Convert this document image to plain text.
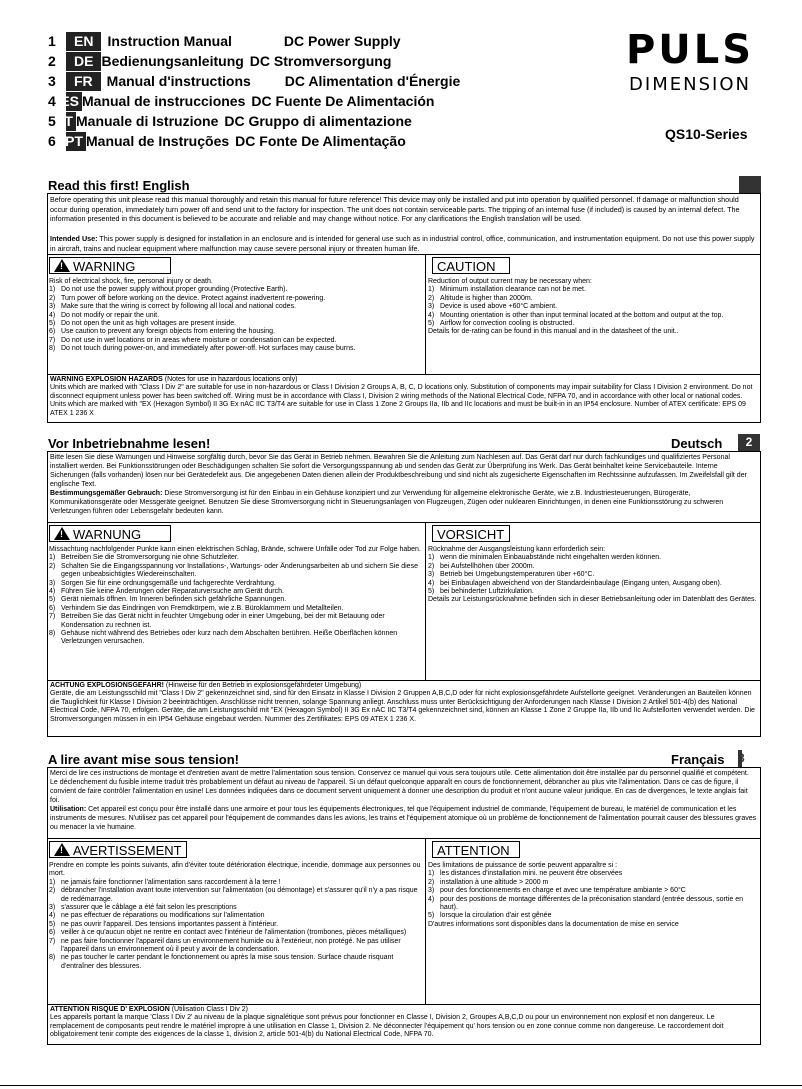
1 EN Instruction Manual	DC Power Supply
2 DE Bedienungsanleitung DC Stromversorgung
3 FR Manual d'instructions DC Alimentation d'Énergie
4 ES Manual de instrucciones DC Fuente De Alimentación
5 IT Manuale di Istruzione DC Gruppo di alimentazione
6 PT Manual de Instruções DC Fonte De Alimentação
PULS
DIMENSION
QS10-Series
Read this first! English
Before operating this unit please read this manual thoroughly and retain this manual for future reference! This device may only be installed and put into operation by qualified personnel. If damage or malfunction should occur during operation, immediately turn power off and send unit to the factory for inspection. The unit does not contain serviceable parts. The tripping of an internal fuse (if included) is caused by an internal defect. The information presented in this document is believed to be accurate and reliable and may change without notice. For any clarifications the English translation will be used.
Intended Use: This power supply is designed for installation in an enclosure and is intended for general use such as in industrial control, office, communication, and instrumentation equipment. Do not use this power supply in aircraft, trains and nuclear equipment where malfunction may cause severe personal injury or threaten human life.
!WARNING	CAUTION
Risk of electrical shock, fire, personal injury or death.
1) Do not use the power supply without proper grounding (Protective Earth).
2) Turn power off before working on the device. Protect against inadvertent re-powering.
3) Make sure that the wiring is correct by following all local and national codes.
4) Do not modify or repair the unit.
5) Do not open the unit as high voltages are present inside.
6) Use caution to prevent any foreign objects from entering the housing.
7) Do not use in wet locations or in areas where moisture or condensation can be expected.
8) Do not touch during power-on, and immediately after power-off. Hot surfaces may cause burns.
Reduction of output current may be necessary when:
1) Minimum installation clearance can not be met.
2) Altitude is higher than 2000m.
3) Device is used above +60°C ambient.
4) Mounting orientation is other than input terminal located at the bottom and output at the top.
5) Airflow for convection cooling is obstructed.
Details for de-rating can be found in this manual and in the datasheet of the unit..
WARNING EXPLOSION HAZARDS (Notes for use in hazardous locations only)
Units which are marked with "Class I Div 2" are suitable for use in non-hazardous or Class I Division 2 Groups A, B, C, D locations only. Substitution of components may impair suitability for Class I Division 2 environment. Do not disconnect equipment unless power has been switched off. Wiring must be in accordance with Class I, Division 2 wiring methods of the National Electrical Code, NFPA 70, and in accordance with other local or national codes. Units which are marked with "EX (Hexagon Symbol) II 3G Ex nAC IIC T3/T4 are suitable for use in Class 1 Zone 2 Groups IIa, IIb and IIc locations and must be built-in in an IP54 enclosure. Number of ATEX certificate: EPS 09 ATEX 1 236 X
Vor Inbetriebnahme lesen!	Deutsch	2
Bitte lesen Sie diese Warnungen und Hinweise sorgfältig durch, bevor Sie das Gerät in Betrieb nehmen. Bewahren Sie die Anleitung zum Nachlesen auf. Das Gerät darf nur durch fachkundiges und qualifiziertes Personal installiert werden. Bei Funktionsstörungen oder Beschädigungen schalten Sie sofort die Versorgungsspannung ab und senden das Gerät zur Überprüfung ins Werk. Das Gerät beinhaltet keine Servicebauteile. Interne Sicherungen (falls vorhanden) lösen nur bei Gerätedefekt aus. Die angegebenen Daten dienen allein der Produktbeschreibung und sind nicht als zugesicherte Eigenschaften im Rechtssinne aufzufassen. Im Zweifelsfall gilt der englische Text.
Bestimmungsgemäßer Gebrauch: Diese Stromversorgung ist für den Einbau in ein Gehäuse konzipiert und zur Verwendung für allgemeine elektronische Geräte, wie z.B. Industriesteuerungen, Bürogeräte, Kommunikationsgeräte oder Messgeräte geeignet. Benutzen Sie diese Stromversorgung nicht in Steuerungsanlagen von Flugzeugen, Zügen oder nuklearen Einrichtungen, in denen eine Funktionsstörung zu schweren Verletzungen führen oder Lebensgefahr bedeuten kann.
!WARNUNG	VORSICHT
Missachtung nachfolgender Punkte kann einen elektrischen Schlag, Brände, schwere Unfälle oder Tod zur Folge haben.
1) Betreiben Sie die Stromversorgung nie ohne Schutzleiter.
2) Schalten Sie die Eingangsspannung vor Installations-, Wartungs- oder Änderungsarbeiten ab und sichern Sie diese gegen unbeabsichtigtes Wiedereinschalten.
3) Sorgen Sie für eine ordnungsgemäße und fachgerechte Verdrahtung.
4) Führen Sie keine Änderungen oder Reparaturversuche am Gerät durch.
5) Gerät niemals öffnen. Im Inneren befinden sich gefährliche Spannungen.
6) Verhindern Sie das Eindringen von Fremdkörpern, wie z.B. Büroklammern und Metallteilen.
7) Betreiben Sie das Gerät nicht in feuchter Umgebung oder in einer Umgebung, bei der mit Betauung oder Kondensation zu rechnen ist.
8) Gehäuse nicht während des Betriebes oder kurz nach dem Abschalten berühren. Heiße Oberflächen können Verletzungen verursachen.
Rücknahme der Ausgangsleistung kann erforderlich sein:
1) wenn die minimalen Einbauabstände nicht eingehalten werden können.
2) bei Aufstellhöhen über 2000m.
3) Betrieb bei Umgebungstemperaturen über +60°C.
4) bei Einbaulagen abweichend von der Standardeinbaulage (Eingang unten, Ausgang oben).
5) bei behinderter Luftzirkulation.
Details zur Leistungsrücknahme befinden sich in dieser Betriebsanleitung oder im Datenblatt des Gerätes.
ACHTUNG EXPLOSIONSGEFAHR! (Hinweise für den Betrieb in explosionsgefährdeter Umgebung)
Geräte, die am Leistungsschild mit "Class I Div 2" gekennzeichnet sind, sind für den Einsatz in Klasse I Division 2 Gruppen A,B,C,D oder für nicht explosionsgefährdete Aufstellorte geeignet. Veränderungen an Bauteilen können die Tauglichkeit für Klasse I Division 2 beeinträchtigen. Anschlüsse nicht trennen, solange Spannung anliegt. Anschluss muss unter Berücksichtigung der Anforderungen nach Klasse I Division 2 Artikel 501-4(b) des National Electrical Code, NFPA 70, erfolgen. Geräte, die am Leistungsschild mit "EX (Hexagon Symbol) II 3G Ex nAC IIC T3/T4 gekennzeichnet sind, können an Klasse 1 Zone 2 Gruppe IIa, IIb und IIc Aufstellorten verwendet werden. Die Stromversorgungen müssen in ein IP54 Gehäuse eingebaut werden. Nummer des Zertifikates: EPS 09 ATEX 1 236 X.
A lire avant mise sous tension!	Français 3
Merci de lire ces instructions de montage et d'entretien avant de mettre l'alimentation sous tension. Conservez ce manuel qui vous sera toujours utile. Cette alimentation doit être installée par du personnel qualifié et compétent. Le déclenchement du fusible interne traduit très probablement un défaut au niveau de l'appareil. Si un défaut quelconque apparaît en cours de fonctionnement, débrancher au plus vite l'alimentation. Dans ce cas de figure, il convient de faire contrôler l'alimentation en usine! Les données indiquées dans ce document servent uniquement à donner une description du produit et n'ont aucune valeur juridique. En cas de divergences, le texte anglais fait foi.
Utilisation: Cet appareil est conçu pour être installé dans une armoire et pour tous les équipements électroniques, tel que l'équipement industriel de commande, l'équipement de bureau, le matériel de communication et les instruments de mesures. N'utilisez pas cet appareil pour l'équipement de commandes dans les avions, les trains et l'équipement atomique où un problème de fonctionnement de l'alimentation pourrait causer des blessures graves ou menacer la vie humaine.
!AVERTISSEMENT	ATTENTION
Prendre en compte les points suivants, afin d'éviter toute détérioration électrique, incendie, dommage aux personnes ou mort.
1) ne jamais faire fonctionner l'alimentation sans raccordement à la terre !
2) débrancher l'installation avant toute intervention sur l'alimentation (ou démontage) et s'assurer qu'il n'y a pas risque de redémarrage.
3) s'assurer que le câblage a été fait selon les prescriptions
4) ne pas effectuer de réparations ou modifications sur l'alimentation
5) ne pas ouvrir l'appareil. Des tensions importantes passent à l'intérieur.
6) veiller à ce qu'aucun objet ne rentre en contact avec l'intérieur de l'alimentation (trombones, pièces métalliques)
7) ne pas faire fonctionner l'appareil dans un environnement humide ou à l'extérieur, non protégé. Ne pas utiliser l'appareil dans un environnement où il peut y avoir de la condensation.
8) ne pas toucher le carter pendant le fonctionnement ou après la mise sous tension. Surface chaude risquant d'entraîner des blessures.
Des limitations de puissance de sortie peuvent apparaître si :
1) les distances d'installation mini. ne peuvent être observées
2) installation à une altitude > 2000 m
3) pour des fonctionnements en charge et avec une température ambiante > 60°C
4) pour des positions de montage différentes de la préconisation standard (entrée dessous, sortie en haut).
5) lorsque la circulation d'air est gênée
D'autres informations sont disponibles dans la documentation de mise en service
ATTENTION RISQUE D' EXPLOSION (Utilisation Class I Div 2)
Les appareils portant la marque 'Class I Div 2' au niveau de la plaque signalétique sont prévus pour fonctionner en Classe I, Division 2, Groupes A,B,C,D ou pour un environnement non explosif et non dangereux. Le remplacement de composants peut rendre le matériel impropre à une utilisation en Classe 1, Division 2. Ne déconnecter l'équipement qu' hors tension ou en zone connue comme non dangereuse. Le raccordement doit obligatoirement tenir compte des exigences de la classe 1, division 2, article 501-4(b) du National Electrical Code, NFPA 70.
